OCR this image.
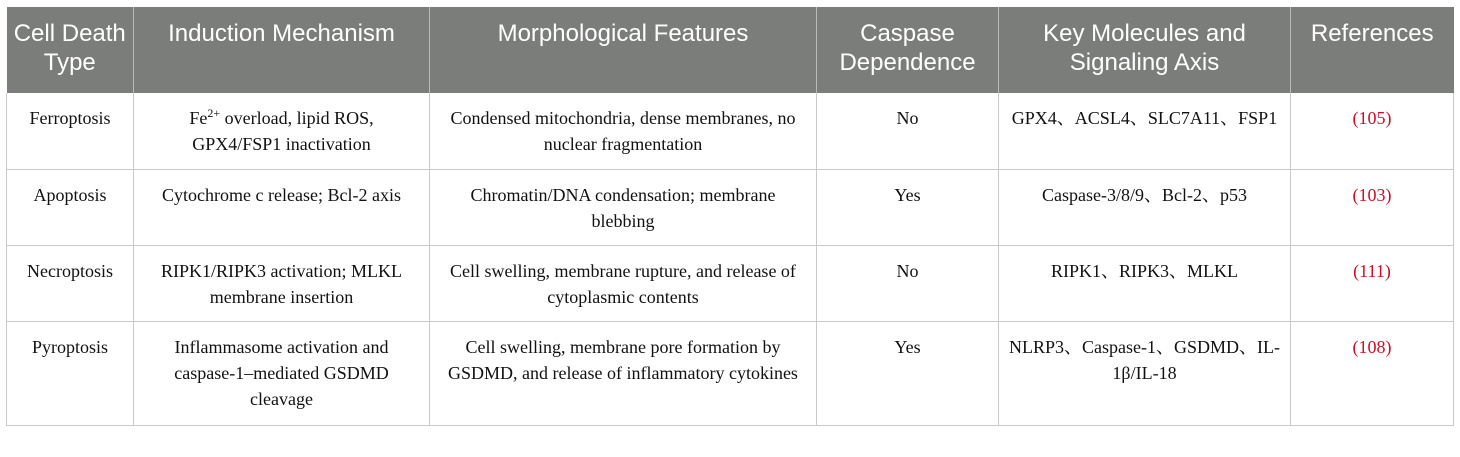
Cell Death Type	Induction Mechanism	Morphological Features	Caspase Dependence	Key Molecules and Signaling Axis	References
Ferroptosis	$Fe^{2+}$ overload, lipid ROS, GPX4/FSP1 inactivation	Condensed mitochondria, dense membranes, no nuclear fragmentation	No	GPX4、ACSL4、SLC7A11、FSP1	(105)
Apoptosis	Cytochrome c release; Bcl-2 axis	Chromatin/DNA condensation; membrane blebbing	Yes	Caspase-3/8/9、Bcl-2、p53	(103)
Necroptosis	RIPK1/RIPK3 activation; MLKL membrane insertion	Cell swelling, membrane rupture, and release of cytoplasmic contents	No	RIPK1、RIPK3、MLKL	(111)
Pyroptosis	Inflammasome activation and caspase-1–mediated GSDMD cleavage	Cell swelling, membrane pore formation by GSDMD, and release of inflammatory cytokines	Yes	NLRP3、Caspase-1、GSDMD、IL-1β/IL-18	(108)
